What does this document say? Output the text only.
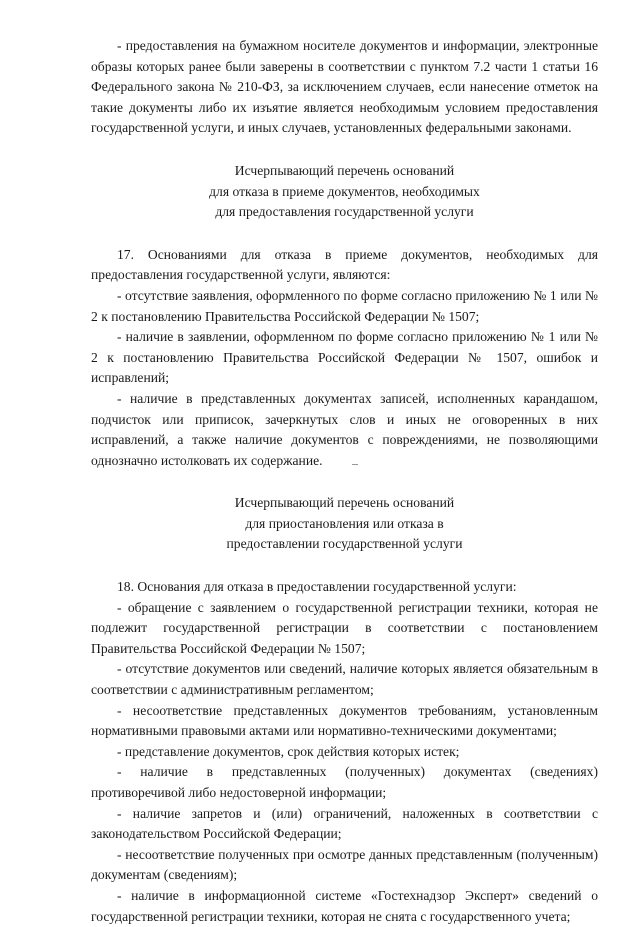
- предоставления на бумажном носителе документов и информации, электронные образы которых ранее были заверены в соответствии с пунктом 7.2 части 1 статьи 16 Федерального закона № 210-ФЗ, за исключением случаев, если нанесение отметок на такие документы либо их изъятие является необходимым условием предоставления государственной услуги, и иных случаев, установленных федеральными законами.

Исчерпывающий перечень оснований
для отказа в приеме документов, необходимых
для предоставления государственной услуги

17. Основаниями для отказа в приеме документов, необходимых для предоставления государственной услуги, являются:

- отсутствие заявления, оформленного по форме согласно приложению № 1 или № 2 к постановлению Правительства Российской Федерации № 1507;

- наличие в заявлении, оформленном по форме согласно приложению № 1 или № 2 к постановлению Правительства Российской Федерации № 1507, ошибок и исправлений;

- наличие в представленных документах записей, исполненных карандашом, подчисток или приписок, зачеркнутых слов и иных не оговоренных в них исправлений, а также наличие документов с повреждениями, не позволяющими однозначно истолковать их содержание.

Исчерпывающий перечень оснований
для приостановления или отказа в
предоставлении государственной услуги

18. Основания для отказа в предоставлении государственной услуги:

- обращение с заявлением о государственной регистрации техники, которая не подлежит государственной регистрации в соответствии с постановлением Правительства Российской Федерации № 1507;

- отсутствие документов или сведений, наличие которых является обязательным в соответствии с административным регламентом;

- несоответствие представленных документов требованиям, установленным нормативными правовыми актами или нормативно-техническими документами;

- представление документов, срок действия которых истек;

- наличие в представленных (полученных) документах (сведениях) противоречивой либо недостоверной информации;

- наличие запретов и (или) ограничений, наложенных в соответствии с законодательством Российской Федерации;

- несоответствие полученных при осмотре данных представленным (полученным) документам (сведениям);

- наличие в информационной системе «Гостехнадзор Эксперт» сведений о государственной регистрации техники, которая не снята с государственного учета;
